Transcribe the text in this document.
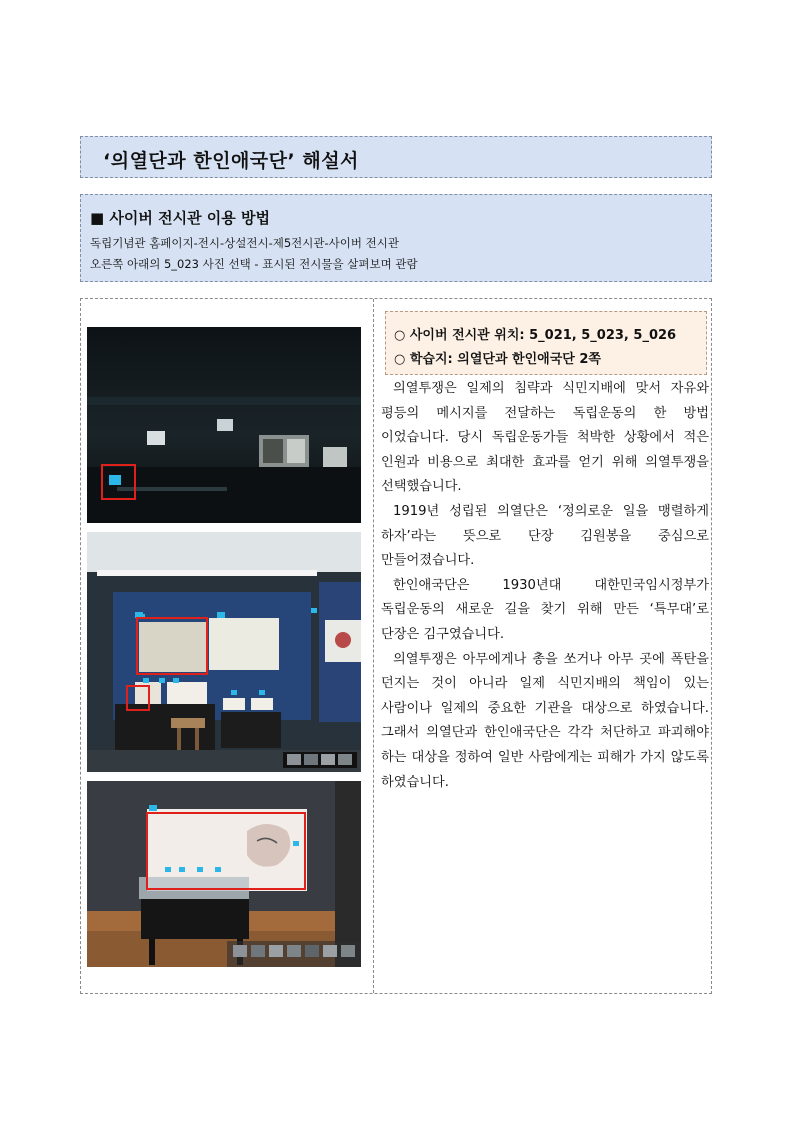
‘의열단과 한인애국단’ 해설서
■ 사이버 전시관 이용 방법
독립기념관 홈페이지-전시-상설전시-제5전시관-사이버 전시관
오른쪽 아래의 5_023 사진 선택 - 표시된 전시물을 살펴보며 관람
○ 사이버 전시관 위치: 5_021, 5_023, 5_026
○ 학습지: 의열단과 한인애국단 2쪽

의열투쟁은 일제의 침략과 식민지배에 맞서 자유와 평등의 메시지를 전달하는 독립운동의 한 방법 이었습니다. 당시 독립운동가들 척박한 상황에서 적은 인원과 비용으로 최대한 효과를 얻기 위해 의열투쟁을 선택했습니다.

1919년 성립된 의열단은 ‘정의로운 일을 맹렬하게 하자’라는 뜻으로 단장 김원봉을 중심으로 만들어졌습니다.

한인애국단은 1930년대 대한민국임시정부가 독립운동의 새로운 길을 찾기 위해 만든 ‘특무대’로 단장은 김구였습니다.

의열투쟁은 아무에게나 총을 쏘거나 아무 곳에 폭탄을 던지는 것이 아니라 일제 식민지배의 책임이 있는 사람이나 일제의 중요한 기관을 대상으로 하였습니다. 그래서 의열단과 한인애국단은 각각 처단하고 파괴해야 하는 대상을 정하여 일반 사람에게는 피해가 가지 않도록 하였습니다.
